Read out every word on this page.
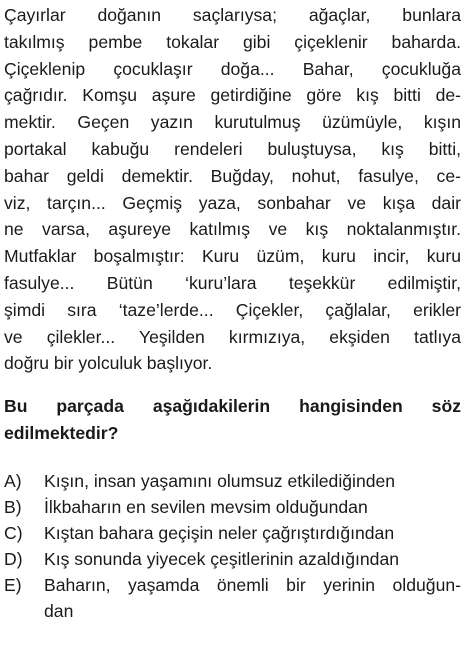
Çayırlar doğanın saçlarıysa; ağaçlar, bunlara
takılmış pembe tokalar gibi çiçeklenir baharda.
Çiçeklenip çocuklaşır doğa... Bahar, çocukluğa
çağrıdır. Komşu aşure getirdiğine göre kış bitti de-
mektir. Geçen yazın kurutulmuş üzümüyle, kışın
portakal kabuğu rendeleri buluştuysa, kış bitti,
bahar geldi demektir. Buğday, nohut, fasulye, ce-
viz, tarçın... Geçmiş yaza, sonbahar ve kışa dair
ne varsa, aşureye katılmış ve kış noktalanmıştır.
Mutfaklar boşalmıştır: Kuru üzüm, kuru incir, kuru
fasulye... Bütün ‘kuru’lara teşekkür edilmiştir,
şimdi sıra ‘taze’lerde... Çiçekler, çağlalar, erikler
ve çilekler... Yeşilden kırmızıya, ekşiden tatlıya
doğru bir yolculuk başlıyor.
Bu parçada aşağıdakilerin hangisinden söz
edilmektedir?
A) Kışın, insan yaşamını olumsuz etkilediğinden
B) İlkbaharın en sevilen mevsim olduğundan
C) Kıştan bahara geçişin neler çağrıştırdığından
D) Kış sonunda yiyecek çeşitlerinin azaldığından
E) Baharın, yaşamda önemli bir yerinin olduğun-
dan
